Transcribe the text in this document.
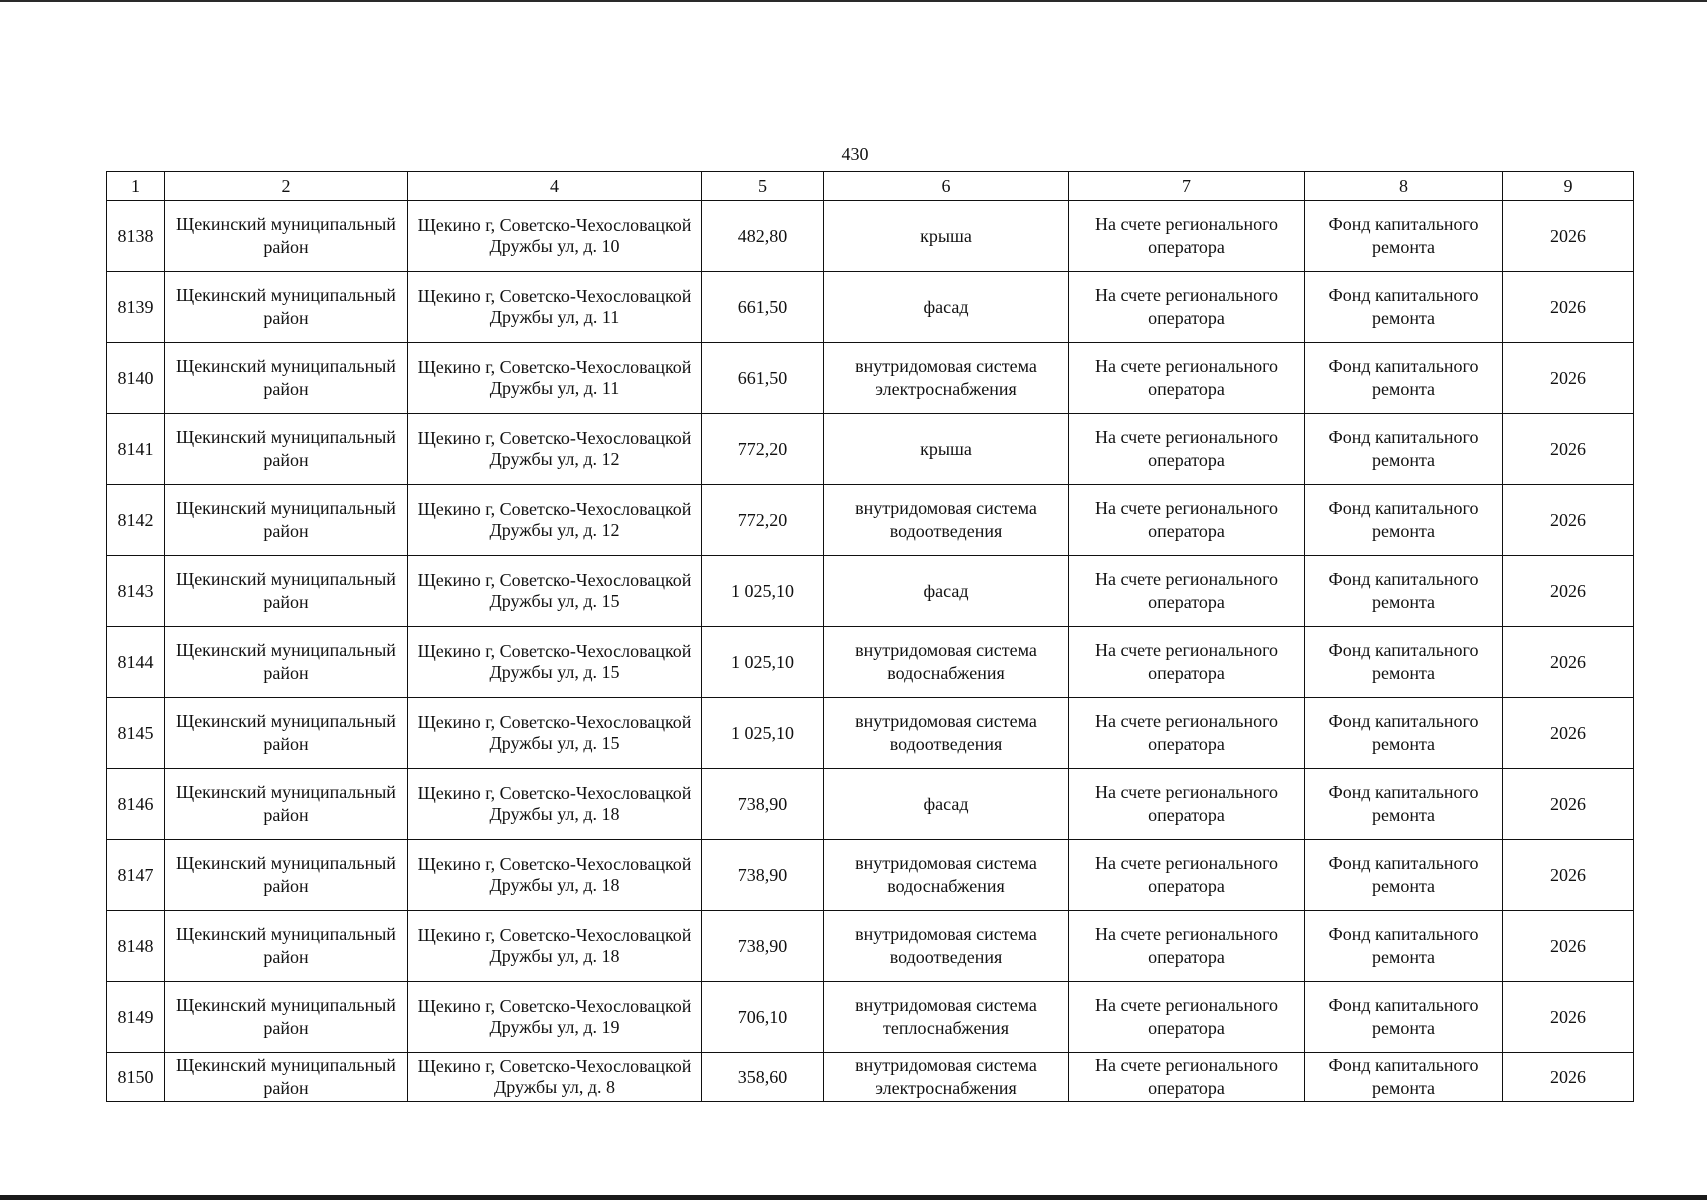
430
1	2	4	5	6	7	8	9
8138	Щекинский муниципальный район	Щекино г, Советско-Чехословацкой Дружбы ул, д. 10	482,80	крыша	На счете регионального оператора	Фонд капитального ремонта	2026
8139	Щекинский муниципальный район	Щекино г, Советско-Чехословацкой Дружбы ул, д. 11	661,50	фасад	На счете регионального оператора	Фонд капитального ремонта	2026
8140	Щекинский муниципальный район	Щекино г, Советско-Чехословацкой Дружбы ул, д. 11	661,50	внутридомовая система электроснабжения	На счете регионального оператора	Фонд капитального ремонта	2026
8141	Щекинский муниципальный район	Щекино г, Советско-Чехословацкой Дружбы ул, д. 12	772,20	крыша	На счете регионального оператора	Фонд капитального ремонта	2026
8142	Щекинский муниципальный район	Щекино г, Советско-Чехословацкой Дружбы ул, д. 12	772,20	внутридомовая система водоотведения	На счете регионального оператора	Фонд капитального ремонта	2026
8143	Щекинский муниципальный район	Щекино г, Советско-Чехословацкой Дружбы ул, д. 15	1 025,10	фасад	На счете регионального оператора	Фонд капитального ремонта	2026
8144	Щекинский муниципальный район	Щекино г, Советско-Чехословацкой Дружбы ул, д. 15	1 025,10	внутридомовая система водоснабжения	На счете регионального оператора	Фонд капитального ремонта	2026
8145	Щекинский муниципальный район	Щекино г, Советско-Чехословацкой Дружбы ул, д. 15	1 025,10	внутридомовая система водоотведения	На счете регионального оператора	Фонд капитального ремонта	2026
8146	Щекинский муниципальный район	Щекино г, Советско-Чехословацкой Дружбы ул, д. 18	738,90	фасад	На счете регионального оператора	Фонд капитального ремонта	2026
8147	Щекинский муниципальный район	Щекино г, Советско-Чехословацкой Дружбы ул, д. 18	738,90	внутридомовая система водоснабжения	На счете регионального оператора	Фонд капитального ремонта	2026
8148	Щекинский муниципальный район	Щекино г, Советско-Чехословацкой Дружбы ул, д. 18	738,90	внутридомовая система водоотведения	На счете регионального оператора	Фонд капитального ремонта	2026
8149	Щекинский муниципальный район	Щекино г, Советско-Чехословацкой Дружбы ул, д. 19	706,10	внутридомовая система теплоснабжения	На счете регионального оператора	Фонд капитального ремонта	2026
8150	Щекинский муниципальный район	Щекино г, Советско-Чехословацкой Дружбы ул, д. 8	358,60	внутридомовая система электроснабжения	На счете регионального оператора	Фонд капитального ремонта	2026
